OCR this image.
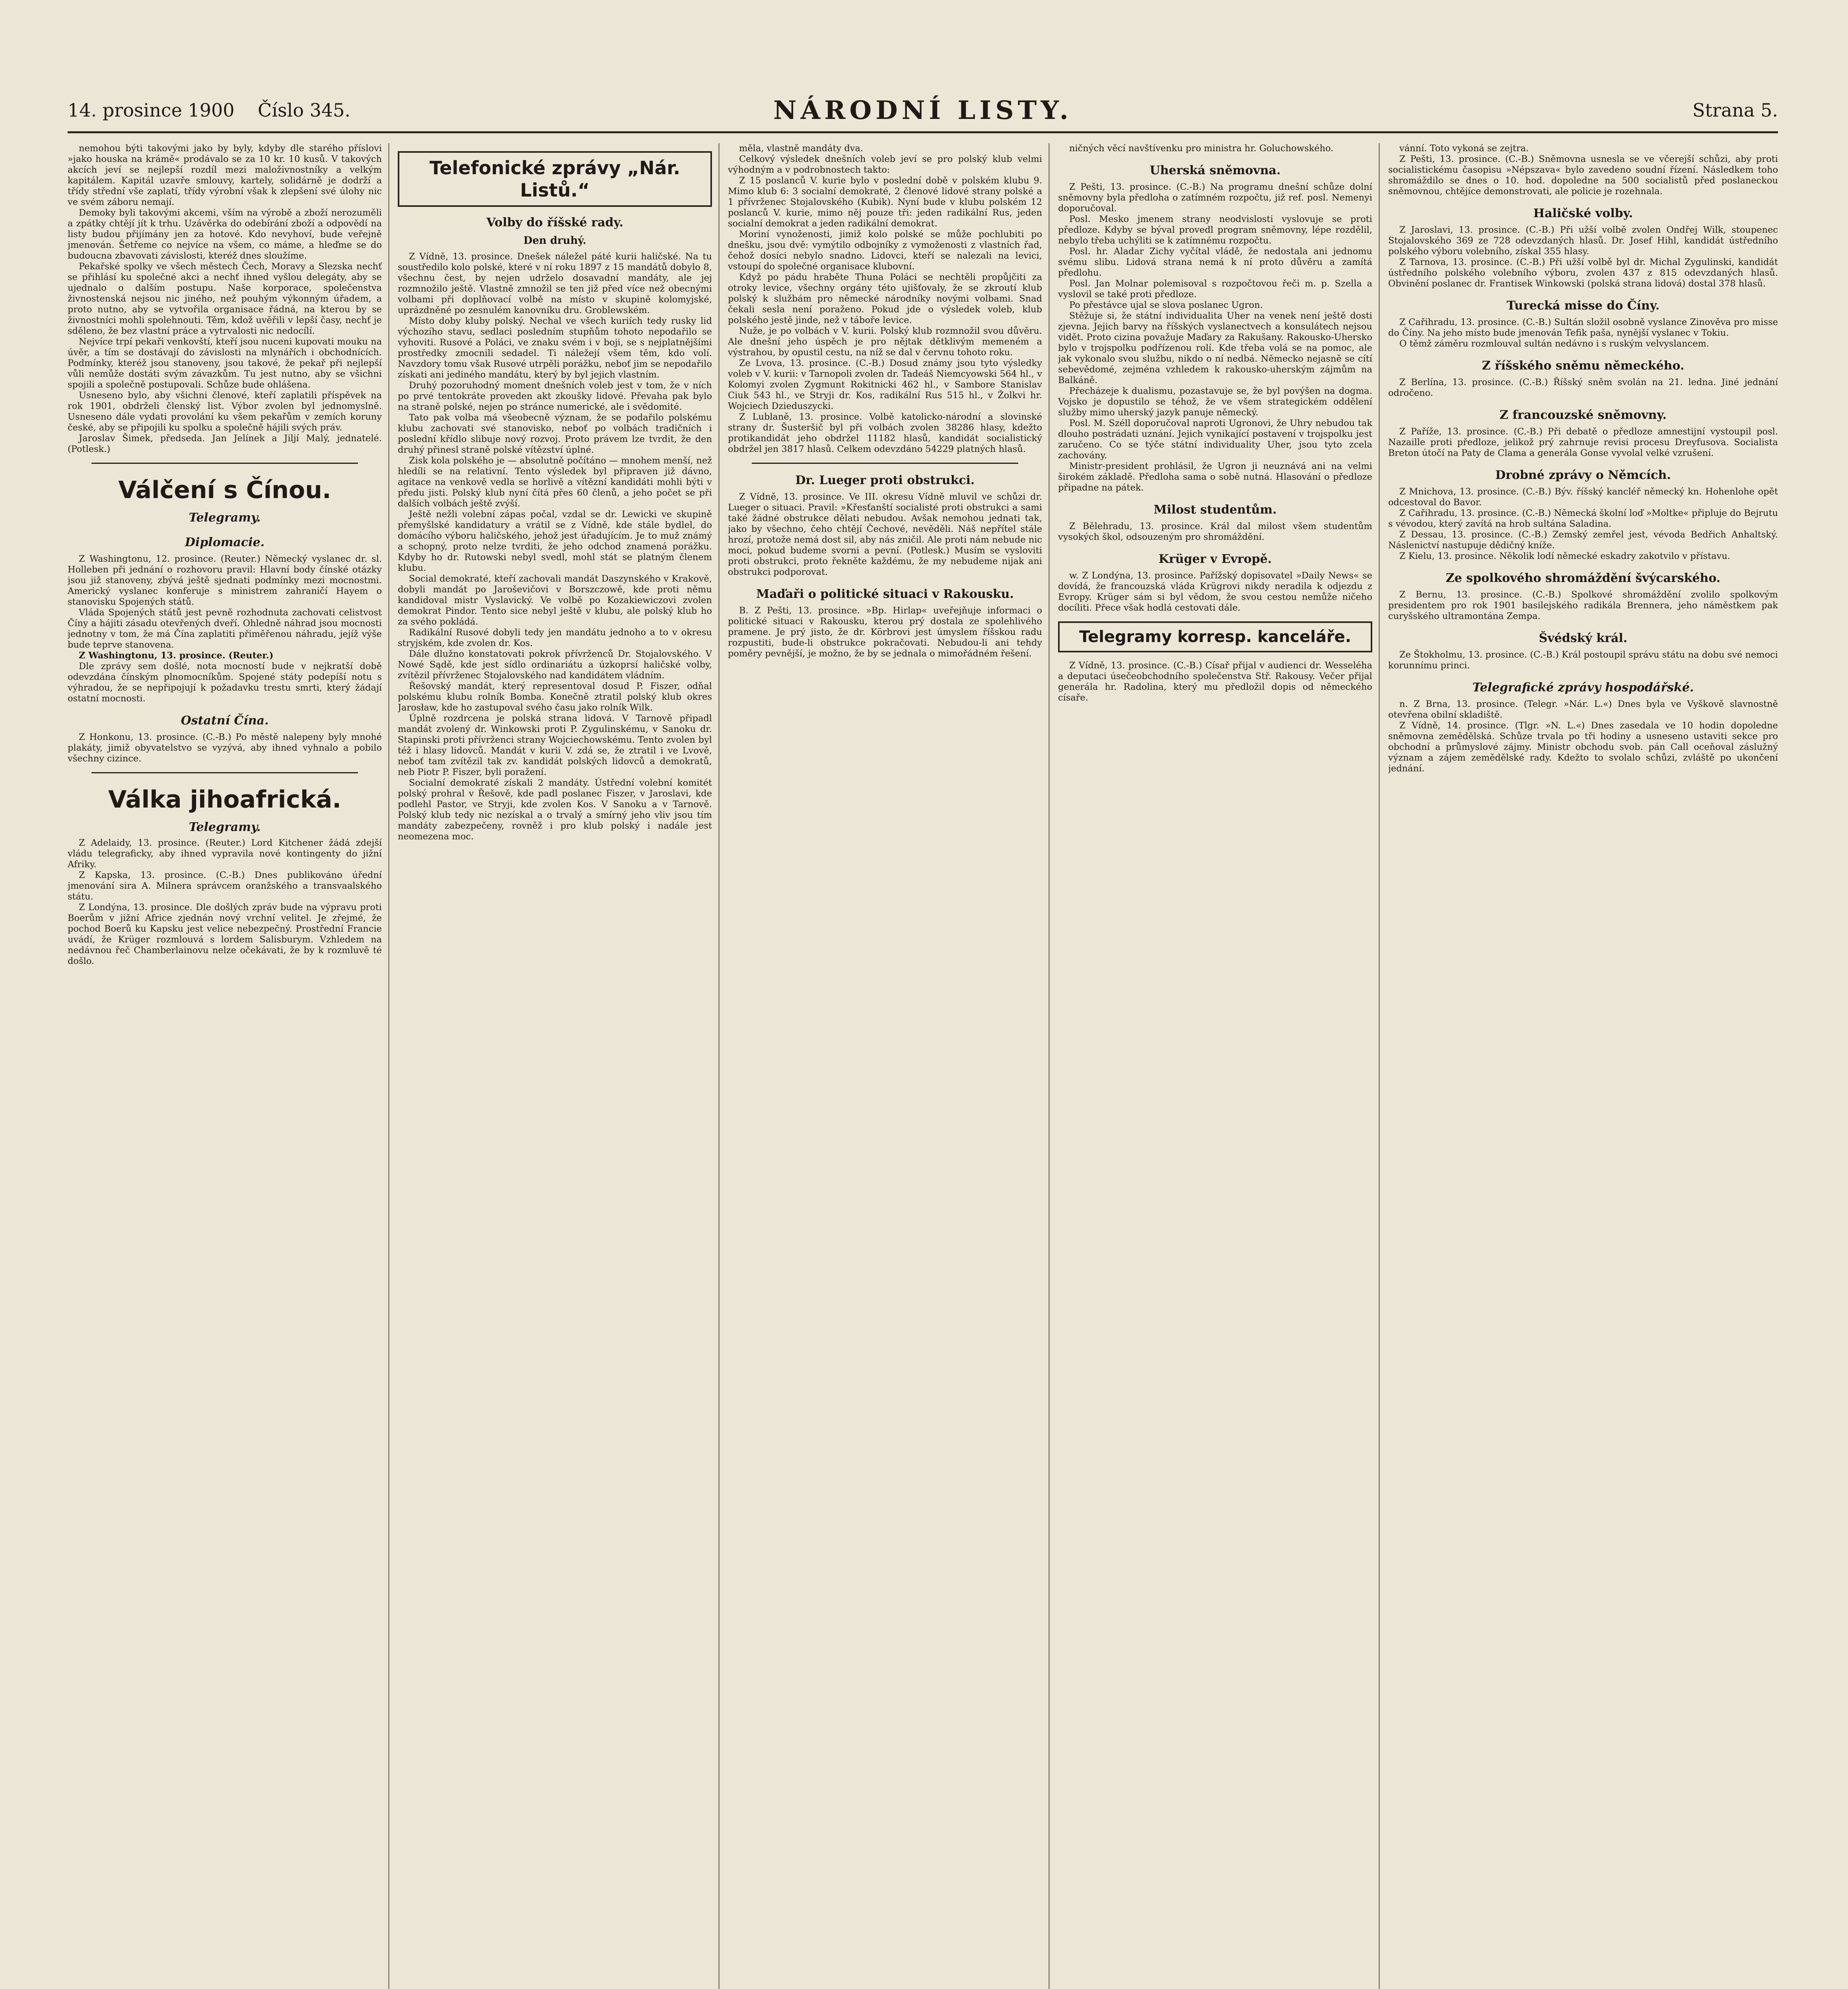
14. prosince 1900 Číslo 345.	NÁRODNÍ LISTY.	Strana 5.

nemohou býti takovými jako by byly, kdyby dle starého příslovi »jako houska na krámě« prodávalo se za 10 kr. 10 kusů. V takových akcích jeví se nejlepší rozdíl mezi maloživnostníky a velkým kapitálem. Kapitál uzavře smlouvy, kartely, solidárně je dodrží a třídy střední vše zaplatí, třídy výrobní však k zlepšení své úlohy nic ve svém záboru nemají.

Demoky byli takovými akcemi, vším na výrobě a zboží nerozuměli a zpátky chtějí jít k trhu. Uzávěrka do odebírání zboží a odpovědí na listy budou přijímány jen za hotové. Kdo nevyhoví, bude veřejně jmenován. Šetřeme co nejvíce na všem, co máme, a hleďme se do budoucna zbavovati závislosti, kteréž dnes sloužíme.

Pekařské spolky ve všech městech Čech, Moravy a Slezska nechť se přihlásí ku společné akci a nechť ihned vyšlou delegáty, aby se ujednalo o dalším postupu. Naše korporace, společenstva živnostenská nejsou nic jiného, než pouhým výkonným úřadem, a proto nutno, aby se vytvořila organisace řádná, na kterou by se živnostníci mohli spolehnouti. Těm, kdož uvěřili v lepší časy, nechť je sděleno, že bez vlastní práce a vytrvalosti nic nedocílí.

Nejvíce trpí pekaři venkovští, kteří jsou nuceni kupovati mouku na úvěr, a tím se dostávají do závislosti na mlynářích i obchodnících. Podmínky, kteréž jsou stanoveny, jsou takové, že pekař při nejlepší vůli nemůže dostáti svým závazkům. Tu jest nutno, aby se všichni spojili a společně postupovali. Schůze bude ohlášena.

Usneseno bylo, aby všichni členové, kteří zaplatili příspěvek na rok 1901, obdrželi členský list. Výbor zvolen byl jednomyslně. Usneseno dále vydati provolání ku všem pekařům v zemích koruny české, aby se připojili ku spolku a společně hájili svých práv.

Jaroslav Šimek, předseda. Jan Jelínek a Jiljí Malý, jednatelé. (Potlesk.)

Válčení s Čínou.
Telegramy.
Diplomacie.

Z Washingtonu, 12. prosince. (Reuter.) Německý vyslanec dr. sl. Holleben při jednání o rozhovoru pravil: Hlavní body čínské otázky jsou již stanoveny, zbývá ještě sjednati podmínky mezi mocnostmi. Americký vyslanec konferuje s ministrem zahraničí Hayem o stanovisku Spojených států.

Vláda Spojených států jest pevně rozhodnuta zachovati celistvost Číny a hájiti zásadu otevřených dveří. Ohledně náhrad jsou mocnosti jednotny v tom, že má Čína zaplatiti přiměřenou náhradu, jejíž výše bude teprve stanovena.

Z Washingtonu, 13. prosince. (Reuter.)

Dle zprávy sem došlé, nota mocností bude v nejkratší době odevzdána čínským plnomocníkům. Spojené státy podepíší notu s výhradou, že se nepřipojují k požadavku trestu smrti, který žádají ostatní mocnosti.

Ostatní Čína.

Z Honkonu, 13. prosince. (C.-B.) Po městě nalepeny byly mnohé plakáty, jimiž obyvatelstvo se vyzývá, aby ihned vyhnalo a pobilo všechny cizince.

Válka jihoafrická.
Telegramy.

Z Adelaidy, 13. prosince. (Reuter.) Lord Kitchener žádá zdejší vládu telegraficky, aby ihned vypravila nové kontingenty do jižní Afriky.

Z Kapska, 13. prosince. (C.-B.) Dnes publikováno úřední jmenování sira A. Milnera správcem oranžského a transvaalského státu.

Z Londýna, 13. prosince. Dle došlých zpráv bude na výpravu proti Boerům v jižní Africe zjednán nový vrchní velitel. Je zřejmé, že pochod Boerů ku Kapsku jest velice nebezpečný. Prostřední Francie uvádí, že Krüger rozmlouvá s lordem Salisburym. Vzhledem na nedávnou řeč Chamberlainovu nelze očekávati, že by k rozmluvě té došlo.

Telefonické zprávy „Nár. Listů.“
Volby do říšské rady.
Den druhý.

Z Vídně, 13. prosince. Dnešek náležel páté kurii haličské. Na tu soustředilo kolo polské, které v ní roku 1897 z 15 mandátů dobylo 8, všechnu čest, by nejen udrželo dosavadní mandáty, ale jej rozmnožilo ještě. Vlastně zmnožil se ten již před více než obecnými volbami při doplňovací volbě na místo v skupině kolomyjské, uprázdněné po zesnulém kanovníku dru. Groblewském.

Místo doby kluby polský. Nechal ve všech kuriích tedy rusky lid výchozího stavu, sedlaci posledním stupňům tohoto nepodařilo se vyhoviti. Rusové a Poláci, ve znaku svém i v boji, se s nejplatnějšími prostředky zmocnili sedadel. Ti náležejí všem těm, kdo volí. Navzdory tomu však Rusové utrpěli porážku, neboť jim se nepodařilo získati ani jediného mandátu, který by byl jejich vlastním.

Druhý pozoruhodný moment dnešních voleb jest v tom, že v ních po prvé tentokráte proveden akt zkoušky lidové. Převaha pak bylo na straně polské, nejen po stránce numerické, ale i svědomité.

Tato pak volba má všeobecně význam, že se podařilo polskému klubu zachovati své stanovisko, neboť po volbách tradičních i poslední křídlo slibuje nový rozvoj. Proto právem lze tvrdit, že den druhý přinesl straně polské vítězství úplné.

Zisk kola polského je — absolutně počítáno — mnohem menší, než hledíli se na relativní. Tento výsledek byl připraven již dávno, agitace na venkově vedla se horlivě a vítězní kandidáti mohli býti v předu jisti. Polský klub nyní čítá přes 60 členů, a jeho počet se při dalších volbách ještě zvýší.

Ještě nežli volební zápas počal, vzdal se dr. Lewicki ve skupině přemyšlské kandidatury a vrátil se z Vídně, kde stále bydlel, do domácího výboru haličského, jehož jest úřadujícím. Je to muž známý a schopný, proto nelze tvrditi, že jeho odchod znamená porážku. Kdyby ho dr. Rutowski nebyl svedl, mohl stát se platným členem klubu.

Social demokraté, kteří zachovali mandát Daszynského v Krakově, dobyli mandát po Jaroševičovi v Borszczowě, kde proti němu kandidoval mistr Vyslavický. Ve volbě po Kozakiewiczovi zvolen demokrat Pindor. Tento sice nebyl ještě v klubu, ale polský klub ho za svého pokládá.

Radikální Rusové dobyli tedy jen mandátu jednoho a to v okresu stryjském, kde zvolen dr. Kos.

Dále dlužno konstatovati pokrok přívrženců Dr. Stojalovského. V Nowé Sądě, kde jest sídlo ordinariátu a úzkoprsí haličské volby, zvítězil přívrženec Stojalovského nad kandidátem vládním.

Řešovský mandát, který representoval dosud P. Fiszer, odňal polskému klubu rolník Bomba. Konečně ztratil polský klub okres Jarosław, kde ho zastupoval svého času jako rolník Wilk.

Úplně rozdrcena je polská strana lidová. V Tarnově připadl mandát zvolený dr. Winkowski proti P. Zygulinskému, v Sanoku dr. Stapinski proti přívrženci strany Wojciechowskému. Tento zvolen byl též i hlasy lidovců. Mandát v kurii V. zdá se, že ztratil i ve Lvově, neboť tam zvítězil tak zv. kandidát polských lidovců a demokratů, neb Piotr P. Fiszer, byli poražení.

Socialní demokraté získali 2 mandáty. Ústřední volební komitét polský prohral v Řešově, kde padl poslanec Fiszer, v Jaroslavi, kde podlehl Pastor, ve Stryji, kde zvolen Kos. V Sanoku a v Tarnově. Polský klub tedy nic nezískal a o trvalý a smírný jeho vliv jsou tím mandáty zabezpečeny, rovněž i pro klub polský i nadále jest neomezena moc.

měla, vlastně mandáty dva.

Celkový výsledek dnešních voleb jeví se pro polský klub velmi výhodným a v podrobnostech takto:

Z 15 poslanců V. kurie bylo v poslední době v polském klubu 9. Mimo klub 6: 3 socialní demokraté, 2 členové lidové strany polské a 1 přívrženec Stojalovského (Kubik). Nyní bude v klubu polském 12 poslanců V. kurie, mimo něj pouze tři: jeden radikální Rus, jeden socialní demokrat a jeden radikální demokrat.

Moriní vynoženosti, jimiž kolo polské se může pochlubiti po dnešku, jsou dvě: vymýtilo odbojníky z vymoženosti z vlastních řad, čehož dosíci nebylo snadno. Lidovci, kteří se nalezali na levici, vstoupí do společné organisace klubovní.

Když po pádu hraběte Thuna Poláci se nechtěli propůjčiti za otroky levice, všechny orgány této ujišťovaly, že se zkroutí klub polský k službám pro německé národníky novými volbami. Snad čekali sesla není poraženo. Pokud jde o výsledek voleb, klub polského jestě jinde, než v táboře levice.

Nuže, je po volbách v V. kurii. Polský klub rozmnožil svou důvěru. Ale dnešní jeho úspěch je pro nějtak dětklivým memeném a výstrahou, by opustil cestu, na níž se dal v červnu tohoto roku.

Ze Lvova, 13. prosince. (C.-B.) Dosud známy jsou tyto výsledky voleb v V. kurii: v Tarnopoli zvolen dr. Tadeáš Niemcyowski 564 hl., v Kolomyi zvolen Zygmunt Rokitnicki 462 hl., v Sambore Stanislav Ciuk 543 hl., ve Stryji dr. Kos, radikální Rus 515 hl., v Žolkvi hr. Wojciech Dzieduszycki.

Z Lublaně, 13. prosince. Volbě katolicko-národní a slovinské strany dr. Šusteršič byl při volbách zvolen 38286 hlasy, kdežto protikandidát jeho obdržel 11182 hlasů, kandidát socialistický obdržel jen 3817 hlasů. Celkem odevzdáno 54229 platných hlasů.

Dr. Lueger proti obstrukci.

Z Vídně, 13. prosince. Ve III. okresu Vídně mluvil ve schůzi dr. Lueger o situaci. Pravil: »Křesťanští socialisté proti obstrukci a sami také žádné obstrukce dělati nebudou. Avšak nemohou jednati tak, jako by všechno, čeho chtějí Čechové, nevěděli. Náš nepřítel stále hrozí, protože nemá dost sil, aby nás zničil. Ale proti nám nebude nic moci, pokud budeme svorni a pevní. (Potlesk.) Musím se vysloviti proti obstrukci, proto řekněte každému, že my nebudeme nijak ani obstrukci podporovat.

Maďaři o politické situaci v Rakousku.

B. Z Pešti, 13. prosince. »Bp. Hirlap« uveřejňuje informaci o politické situaci v Rakousku, kterou prý dostala ze spolehlivého pramene. Je prý jisto, že dr. Körbrovi jest úmyslem říšskou radu rozpustiti, bude-li obstrukce pokračovati. Nebudou-li ani tehdy poměry pevnější, je možno, že by se jednala o mimořádném řešení.

ničných věcí navštívenku pro ministra hr. Goluchowského.

Uherská sněmovna.

Z Pešti, 13. prosince. (C.-B.) Na programu dnešní schůze dolní sněmovny byla předloha o zatímném rozpočtu, již ref. posl. Nemenyi doporučoval.

Posl. Mesko jmenem strany neodvislosti vyslovuje se proti předloze. Kdyby se býval provedl program sněmovny, lépe rozdělil, nebylo třeba uchýliti se k zatímnému rozpočtu.

Posl. hr. Aladar Zichy vyčítal vládě, že nedostala ani jednomu svému slibu. Lidová strana nemá k ní proto důvěru a zamítá předlohu.

Posl. Jan Molnar polemisoval s rozpočtovou řeči m. p. Szella a vyslovil se také proti předloze.

Po přestávce ujal se slova poslanec Ugron.

Stěžuje si, že státní individualita Uher na venek není ještě dosti zjevna. Jejich barvy na říšských vyslanectvech a konsulátech nejsou vidět. Proto cizina považuje Maďary za Rakušany. Rakousko-Uhersko bylo v trojspolku podřízenou rolí. Kde třeba volá se na pomoc, ale jak vykonalo svou službu, nikdo o ní nedbá. Německo nejasně se cítí sebevědomé, zejména vzhledem k rakousko-uherským zájmům na Balkáně.

Přecházeje k dualismu, pozastavuje se, že byl povýšen na dogma. Vojsko je dopustilo se téhož, že ve všem strategickém oddělení služby mimo uherský jazyk panuje německý.

Posl. M. Széll doporučoval naproti Ugronovi, že Uhry nebudou tak dlouho postrádati uznání. Jejich vynikající postavení v trojspolku jest zaručeno. Co se týče státní individuality Uher, jsou tyto zcela zachovány.

Ministr-president prohlásil, že Ugron ji neuznává ani na velmi širokém základě. Předloha sama o sobě nutná. Hlasování o předloze připadne na pátek.

Milost studentům.

Z Bělehradu, 13. prosince. Král dal milost všem studentům vysokých škol, odsouzeným pro shromáždění.

Krüger v Evropě.

w. Z Londýna, 13. prosince. Pařížský dopisovatel »Daily News« se dovídá, že francouzská vláda Krügrovi nikdy neradila k odjezdu z Evropy. Krüger sám si byl vědom, že svou cestou nemůže ničeho docíliti. Přece však hodlá cestovati dále.

Telegramy korresp. kanceláře.

Z Vídně, 13. prosince. (C.-B.) Císař přijal v audienci dr. Wesseléha a deputaci úsečeobchodního společenstva Stř. Rakousy. Večer přijal generála hr. Radolina, který mu předložil dopis od německého císaře.

vánní. Toto vykoná se zejtra.

Z Pešti, 13. prosince. (C.-B.) Sněmovna usnesla se ve včerejší schůzi, aby proti socialistickému časopisu »Népszava« bylo zavedeno soudní řízení. Následkem toho shromáždilo se dnes o 10. hod. dopoledne na 500 socialistů před poslaneckou sněmovnou, chtějíce demonstrovati, ale policie je rozehnala.

Haličské volby.

Z Jaroslavi, 13. prosince. (C.-B.) Při užší volbě zvolen Ondřej Wilk, stoupenec Stojalovského 369 ze 728 odevzdaných hlasů. Dr. Josef Hihl, kandidát ústředního polského výboru volebního, získal 355 hlasy.

Z Tarnova, 13. prosince. (C.-B.) Při užší volbě byl dr. Michal Zygulinski, kandidát ústředního polského volebního výboru, zvolen 437 z 815 odevzdaných hlasů. Obvinění poslanec dr. Frantisek Winkowski (polská strana lidová) dostal 378 hlasů.

Turecká misse do Číny.

Z Cařihradu, 13. prosince. (C.-B.) Sultán složil osobně vyslance Zinověva pro misse do Číny. Na jeho místo bude jmenován Tefik paša, nynější vyslanec v Tokiu.

O těmž záměru rozmlouval sultán nedávno i s ruským velvyslancem.

Z říšského sněmu německého.

Z Berlína, 13. prosince. (C.-B.) Říšský sněm svolán na 21. ledna. Jiné jednání odročeno.

Z francouzské sněmovny.

Z Paříže, 13. prosince. (C.-B.) Při debatě o předloze amnestijní vystoupil posl. Nazaille proti předloze, jelikož prý zahrnuje revisi procesu Dreyfusova. Socialista Breton útočí na Paty de Clama a generála Gonse vyvolal velké vzrušení.

Drobné zprávy o Němcích.

Z Mnichova, 13. prosince. (C.-B.) Býv. říšský kancléř německý kn. Hohenlohe opět odcestoval do Bavor.

Z Cařihradu, 13. prosince. (C.-B.) Německá školní loď »Moltke« připluje do Bejrutu s vévodou, který zavítá na hrob sultána Saladina.

Z Dessau, 13. prosince. (C.-B.) Zemský zemřel jest, vévoda Bedřich Anhaltský. Náslenictví nastupuje dědičný kníže.

Z Kielu, 13. prosince. Několik lodí německé eskadry zakotvilo v přístavu.

Ze spolkového shromáždění švýcarského.

Z Bernu, 13. prosince. (C.-B.) Spolkové shromáždění zvolilo spolkovým presidentem pro rok 1901 basilejského radikála Brennera, jeho náměstkem pak curyšského ultramontána Zempa.

Švédský král.

Ze Štokholmu, 13. prosince. (C.-B.) Král postoupil správu státu na dobu své nemoci korunnímu princi.

Telegrafické zprávy hospodářské.

n. Z Brna, 13. prosince. (Telegr. »Nár. L.«) Dnes byla ve Vyškově slavnostně otevřena obilní skladiště.

Z Vídně, 14. prosince. (Tlgr. »N. L.«) Dnes zasedala ve 10 hodin dopoledne sněmovna zemědělská. Schůze trvala po tři hodiny a usneseno ustaviti sekce pro obchodní a průmyslové zájmy. Ministr obchodu svob. pán Call oceňoval záslužný význam a zájem zemědělské rady. Kdežto to svolalo schůzi, zvláště po ukončení jednání.
